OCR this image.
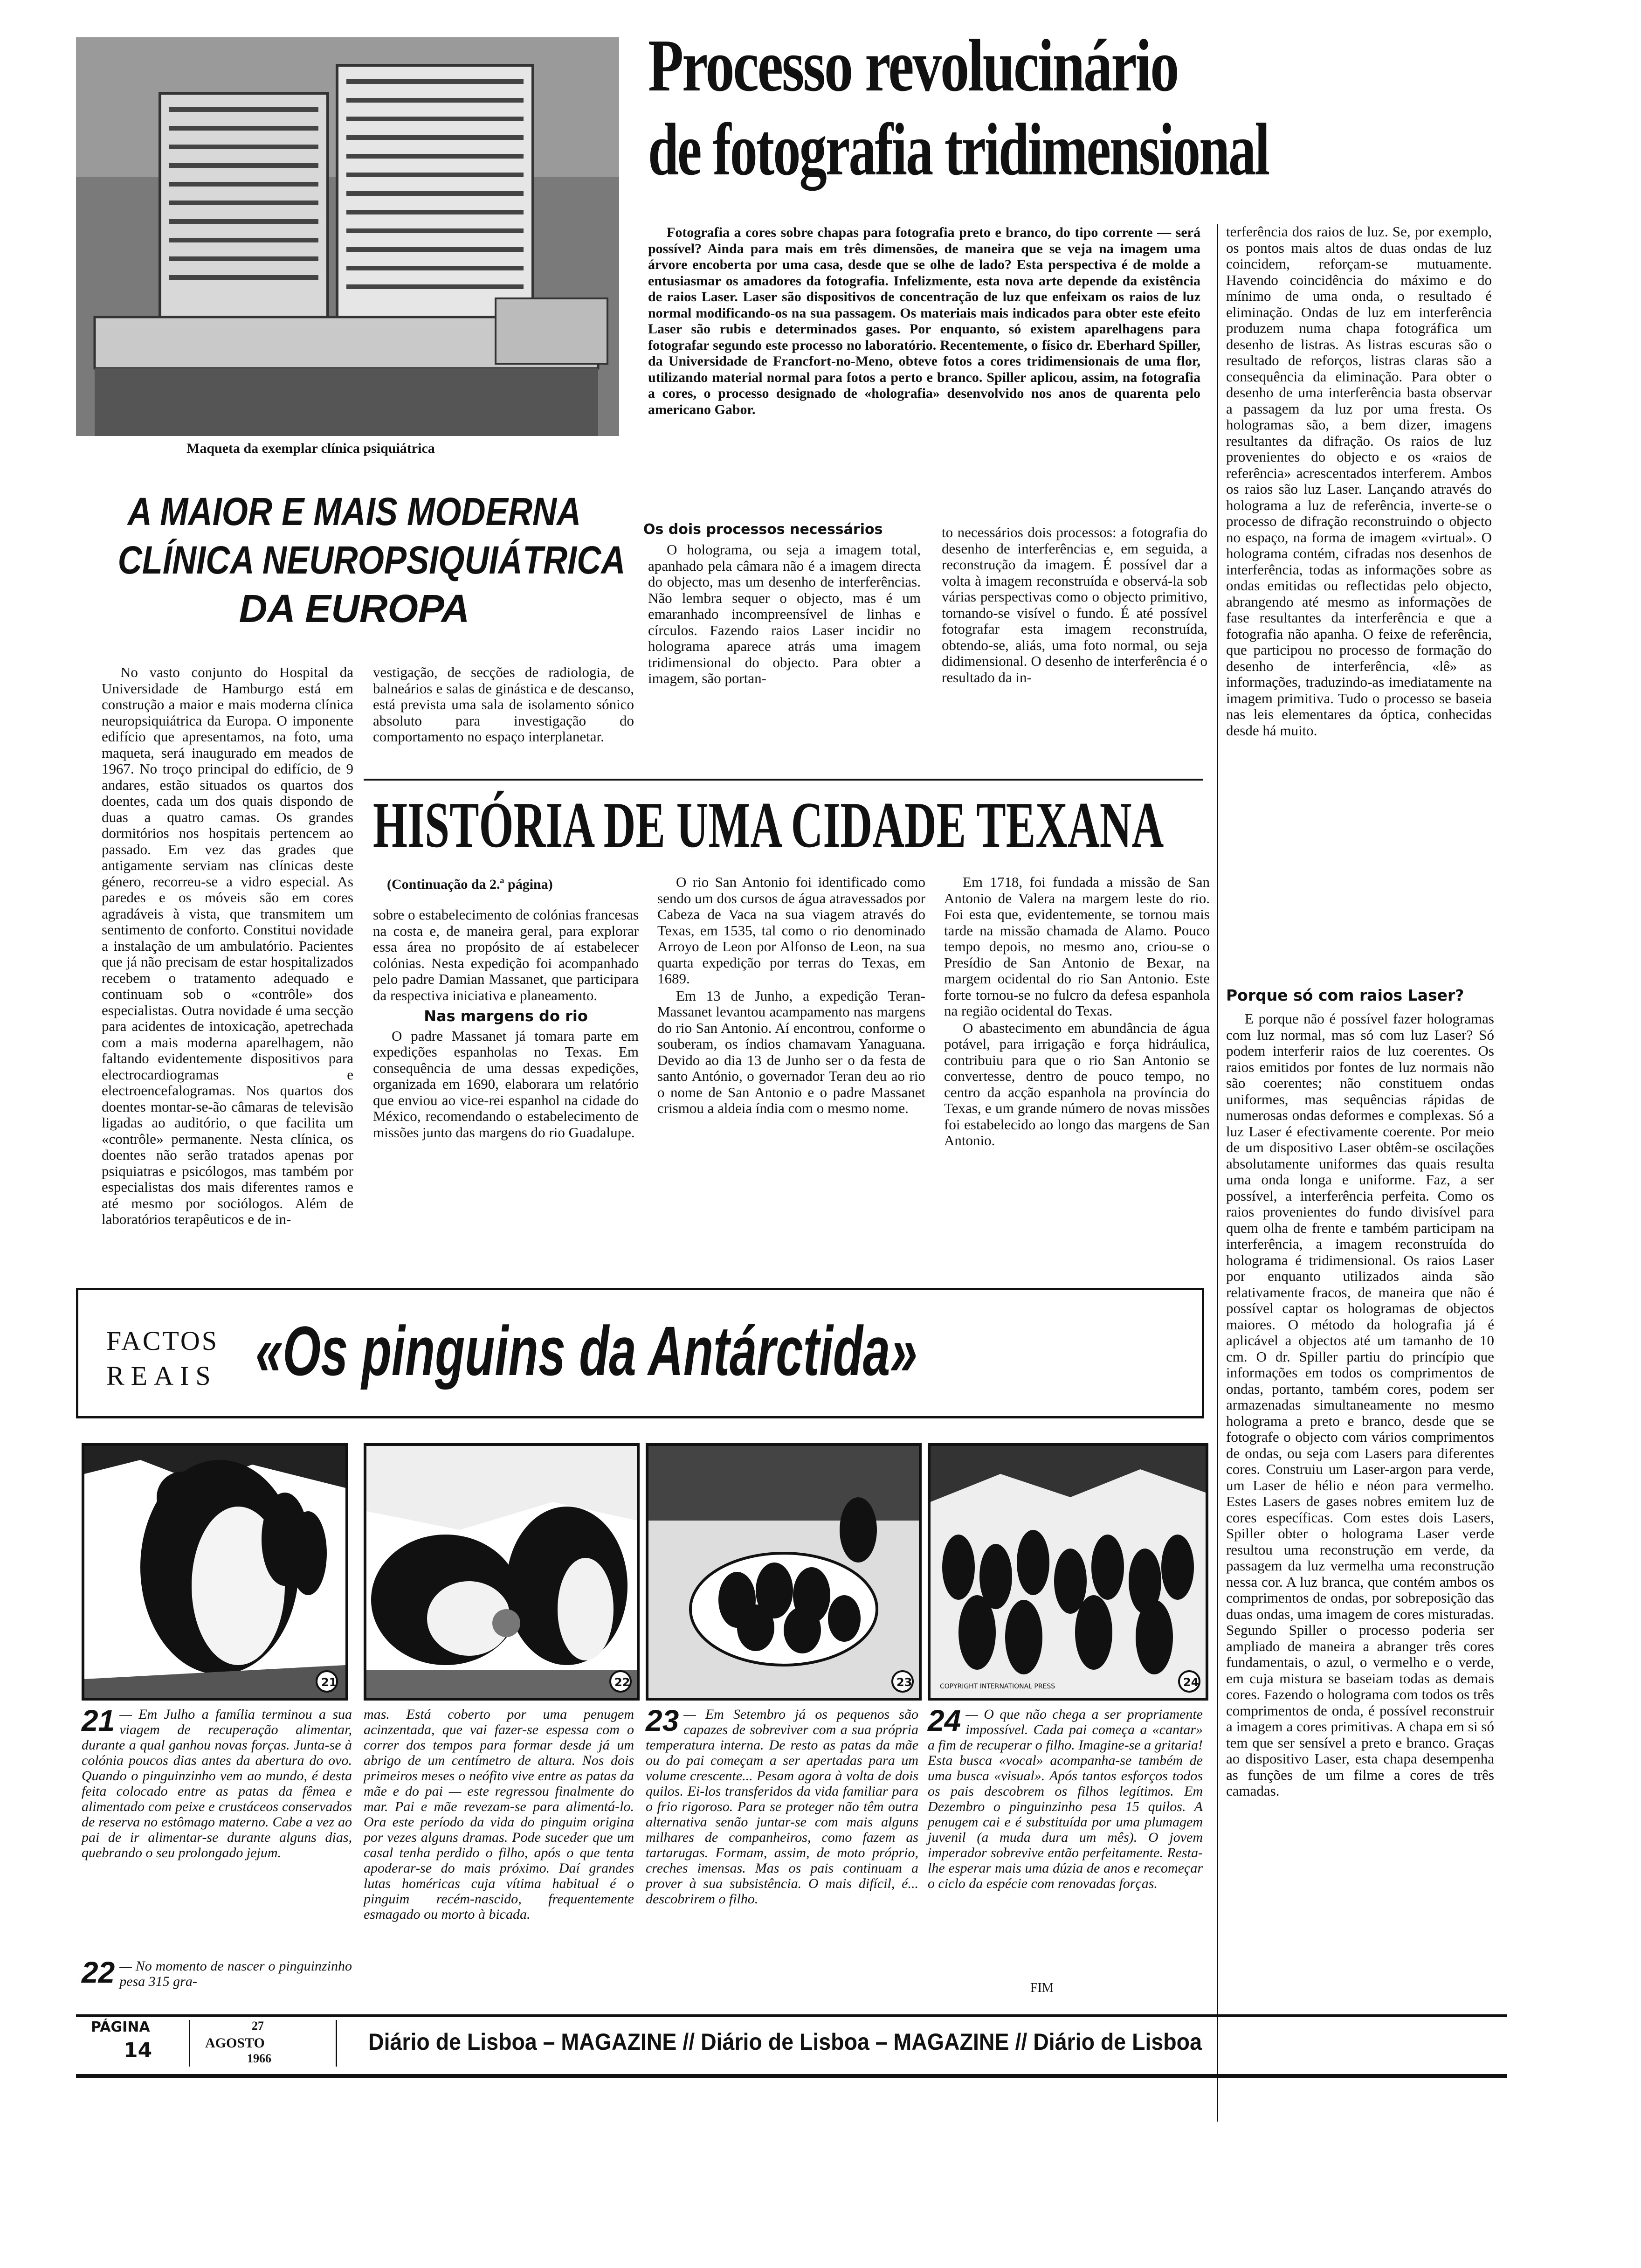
Maqueta da exemplar clínica psiquiátrica
Processo revolucinário
de fotografia tridimensional

Fotografia a cores sobre chapas para fotografia preto e branco, do tipo corrente — será possível? Ainda para mais em três dimensões, de maneira que se veja na imagem uma árvore encoberta por uma casa, desde que se olhe de lado? Esta perspectiva é de molde a entusiasmar os amadores da fotografia. Infelizmente, esta nova arte depende da existência de raios Laser. Laser são dispositivos de concentração de luz que enfeixam os raios de luz normal modificando-os na sua passagem. Os materiais mais indicados para obter este efeito Laser são rubis e determinados gases. Por enquanto, só existem aparelhagens para fotografar segundo este processo no laboratório. Recentemente, o físico dr. Eberhard Spiller, da Universidade de Francfort-no-Meno, obteve fotos a cores tridimensionais de uma flor, utilizando material normal para fotos a perto e branco. Spiller aplicou, assim, na fotografia a cores, o processo designado de «holografia» desenvolvido nos anos de quarenta pelo americano Gabor.

terferência dos raios de luz. Se, por exemplo, os pontos mais altos de duas ondas de luz coincidem, reforçam-se mutuamente. Havendo coincidência do máximo e do mínimo de uma onda, o resultado é eliminação. Ondas de luz em interferência produzem numa chapa fotográfica um desenho de listras. As listras escuras são o resultado de reforços, listras claras são a consequência da eliminação. Para obter o desenho de uma interferência basta observar a passagem da luz por uma fresta. Os hologramas são, a bem dizer, imagens resultantes da difração. Os raios de luz provenientes do objecto e os «raios de referência» acrescentados interferem. Ambos os raios são luz Laser. Lançando através do holograma a luz de referência, inverte-se o processo de difração reconstruindo o objecto no espaço, na forma de imagem «virtual». O holograma contém, cifradas nos desenhos de interferência, todas as informações sobre as ondas emitidas ou reflectidas pelo objecto, abrangendo até mesmo as informações de fase resultantes da interferência e que a fotografia não apanha. O feixe de referência, que participou no processo de formação do desenho de interferência, «lê» as informações, traduzindo-as imediatamente na imagem primitiva. Tudo o processo se baseia nas leis elementares da óptica, conhecidas desde há muito.

Os dois processos necessários

O holograma, ou seja a imagem total, apanhado pela câmara não é a imagem directa do objecto, mas um desenho de interferências. Não lembra sequer o objecto, mas é um emaranhado incompreensível de linhas e círculos. Fazendo raios Laser incidir no holograma aparece atrás uma imagem tridimensional do objecto. Para obter a imagem, são portan-

to necessários dois processos: a fotografia do desenho de interferências e, em seguida, a reconstrução da imagem. É possível dar a volta à imagem reconstruída e observá-la sob várias perspectivas como o objecto primitivo, tornando-se visível o fundo. É até possível fotografar esta imagem reconstruída, obtendo-se, aliás, uma foto normal, ou seja didimensional. O desenho de interferência é o resultado da in-

A MAIOR E MAIS MODERNA
CLÍNICA NEUROPSIQUIÁTRICA
DA EUROPA

No vasto conjunto do Hospital da Universidade de Hamburgo está em construção a maior e mais moderna clínica neuropsiquiátrica da Europa. O imponente edifício que apresentamos, na foto, uma maqueta, será inaugurado em meados de 1967. No troço principal do edifício, de 9 andares, estão situados os quartos dos doentes, cada um dos quais dispondo de duas a quatro camas. Os grandes dormitórios nos hospitais pertencem ao passado. Em vez das grades que antigamente serviam nas clínicas deste género, recorreu-se a vidro especial. As paredes e os móveis são em cores agradáveis à vista, que transmitem um sentimento de conforto. Constitui novidade a instalação de um ambulatório. Pacientes que já não precisam de estar hospitalizados recebem o tratamento adequado e continuam sob o «contrôle» dos especialistas. Outra novidade é uma secção para acidentes de intoxicação, apetrechada com a mais moderna aparelhagem, não faltando evidentemente dispositivos para electrocardiogramas e electroencefalogramas. Nos quartos dos doentes montar-se-ão câmaras de televisão ligadas ao auditório, o que facilita um «contrôle» permanente. Nesta clínica, os doentes não serão tratados apenas por psiquiatras e psicólogos, mas também por especialistas dos mais diferentes ramos e até mesmo por sociólogos. Além de laboratórios terapêuticos e de in-

vestigação, de secções de radiologia, de balneários e salas de ginástica e de descanso, está prevista uma sala de isolamento sónico absoluto para investigação do comportamento no espaço interplanetar.

HISTÓRIA DE UMA CIDADE TEXANA
(Continuação da 2.ª página)

sobre o estabelecimento de colónias francesas na costa e, de maneira geral, para explorar essa área no propósito de aí estabelecer colónias. Nesta expedição foi acompanhado pelo padre Damian Massanet, que participara da respectiva iniciativa e planeamento.

Nas margens do rio

O padre Massanet já tomara parte em expedições espanholas no Texas. Em consequência de uma dessas expedições, organizada em 1690, elaborara um relatório que enviou ao vice-rei espanhol na cidade do México, recomendando o estabelecimento de missões junto das margens do rio Guadalupe.

O rio San Antonio foi identificado como sendo um dos cursos de água atravessados por Cabeza de Vaca na sua viagem através do Texas, em 1535, tal como o rio denominado Arroyo de Leon por Alfonso de Leon, na sua quarta expedição por terras do Texas, em 1689.

Em 13 de Junho, a expedição Teran-Massanet levantou acampamento nas margens do rio San Antonio. Aí encontrou, conforme o souberam, os índios chamavam Yanaguana. Devido ao dia 13 de Junho ser o da festa de santo António, o governador Teran deu ao rio o nome de San Antonio e o padre Massanet crismou a aldeia índia com o mesmo nome.

Em 1718, foi fundada a missão de San Antonio de Valera na margem leste do rio. Foi esta que, evidentemente, se tornou mais tarde na missão chamada de Alamo. Pouco tempo depois, no mesmo ano, criou-se o Presídio de San Antonio de Bexar, na margem ocidental do rio San Antonio. Este forte tornou-se no fulcro da defesa espanhola na região ocidental do Texas.

O abastecimento em abundância de água potável, para irrigação e força hidráulica, contribuiu para que o rio San Antonio se convertesse, dentro de pouco tempo, no centro da acção espanhola na província do Texas, e um grande número de novas missões foi estabelecido ao longo das margens de San Antonio.

Porque só com raios Laser?

E porque não é possível fazer hologramas com luz normal, mas só com luz Laser? Só podem interferir raios de luz coerentes. Os raios emitidos por fontes de luz normais não são coerentes; não constituem ondas uniformes, mas sequências rápidas de numerosas ondas deformes e complexas. Só a luz Laser é efectivamente coerente. Por meio de um dispositivo Laser obtêm-se oscilações absolutamente uniformes das quais resulta uma onda longa e uniforme. Faz, a ser possível, a interferência perfeita. Como os raios provenientes do fundo divisível para quem olha de frente e também participam na interferência, a imagem reconstruída do holograma é tridimensional. Os raios Laser por enquanto utilizados ainda são relativamente fracos, de maneira que não é possível captar os hologramas de objectos maiores. O método da holografia já é aplicável a objectos até um tamanho de 10 cm. O dr. Spiller partiu do princípio que informações em todos os comprimentos de ondas, portanto, também cores, podem ser armazenadas simultaneamente no mesmo holograma a preto e branco, desde que se fotografe o objecto com vários comprimentos de ondas, ou seja com Lasers para diferentes cores. Construiu um Laser-argon para verde, um Laser de hélio e néon para vermelho. Estes Lasers de gases nobres emitem luz de cores específicas. Com estes dois Lasers, Spiller obter o holograma Laser verde resultou uma reconstrução em verde, da passagem da luz vermelha uma reconstrução nessa cor. A luz branca, que contém ambos os comprimentos de ondas, por sobreposição das duas ondas, uma imagem de cores misturadas. Segundo Spiller o processo poderia ser ampliado de maneira a abranger três cores fundamentais, o azul, o vermelho e o verde, em cuja mistura se baseiam todas as demais cores. Fazendo o holograma com todos os três comprimentos de onda, é possível reconstruir a imagem a cores primitivas. A chapa em si só tem que ser sensível a preto e branco. Graças ao dispositivo Laser, esta chapa desempenha as funções de um filme a cores de três camadas.

FACTOS
REAIS «Os pinguins da Antárctida»
21	22	23	COPYRIGHT INTERNATIONAL PRESS	24
21 — Em Julho a família terminou a sua viagem de recuperação alimentar, durante a qual ganhou novas forças. Junta-se à colónia poucos dias antes da abertura do ovo. Quando o pinguinzinho vem ao mundo, é desta feita colocado entre as patas da fêmea e alimentado com peixe e crustáceos conservados de reserva no estômago materno. Cabe a vez ao pai de ir alimentar-se durante alguns dias, quebrando o seu prolongado jejum.
22 — No momento de nascer o pinguinzinho pesa 315 gra-
mas. Está coberto por uma penugem acinzentada, que vai fazer-se espessa com o correr dos tempos para formar desde já um abrigo de um centímetro de altura. Nos dois primeiros meses o neófito vive entre as patas da mãe e do pai — este regressou finalmente do mar. Pai e mãe revezam-se para alimentá-lo. Ora este período da vida do pinguim origina por vezes alguns dramas. Pode suceder que um casal tenha perdido o filho, após o que tenta apoderar-se do mais próximo. Daí grandes lutas homéricas cuja vítima habitual é o pinguim recém-nascido, frequentemente esmagado ou morto à bicada.
23 — Em Setembro já os pequenos são capazes de sobreviver com a sua própria temperatura interna. De resto as patas da mãe ou do pai começam a ser apertadas para um volume crescente... Pesam agora à volta de dois quilos. Ei-los transferidos da vida familiar para o frio rigoroso. Para se proteger não têm outra alternativa senão juntar-se com mais alguns milhares de companheiros, como fazem as tartarugas. Formam, assim, de moto próprio, creches imensas. Mas os pais continuam a prover à sua subsistência. O mais difícil, é... descobrirem o filho.
24 — O que não chega a ser propriamente impossível. Cada pai começa a «cantar» a fim de recuperar o filho. Imagine-se a gritaria! Esta busca «vocal» acompanha-se também de uma busca «visual». Após tantos esforços todos os pais descobrem os filhos legítimos. Em Dezembro o pinguinzinho pesa 15 quilos. A penugem cai e é substituída por uma plumagem juvenil (a muda dura um mês). O jovem imperador sobrevive então perfeitamente. Resta-lhe esperar mais uma dúzia de anos e recomeçar o ciclo da espécie com renovadas forças.
FIM
PÁGINA
14
27
AGOSTO
1966
Diário de Lisboa – MAGAZINE // Diário de Lisboa – MAGAZINE // Diário de Lisboa
